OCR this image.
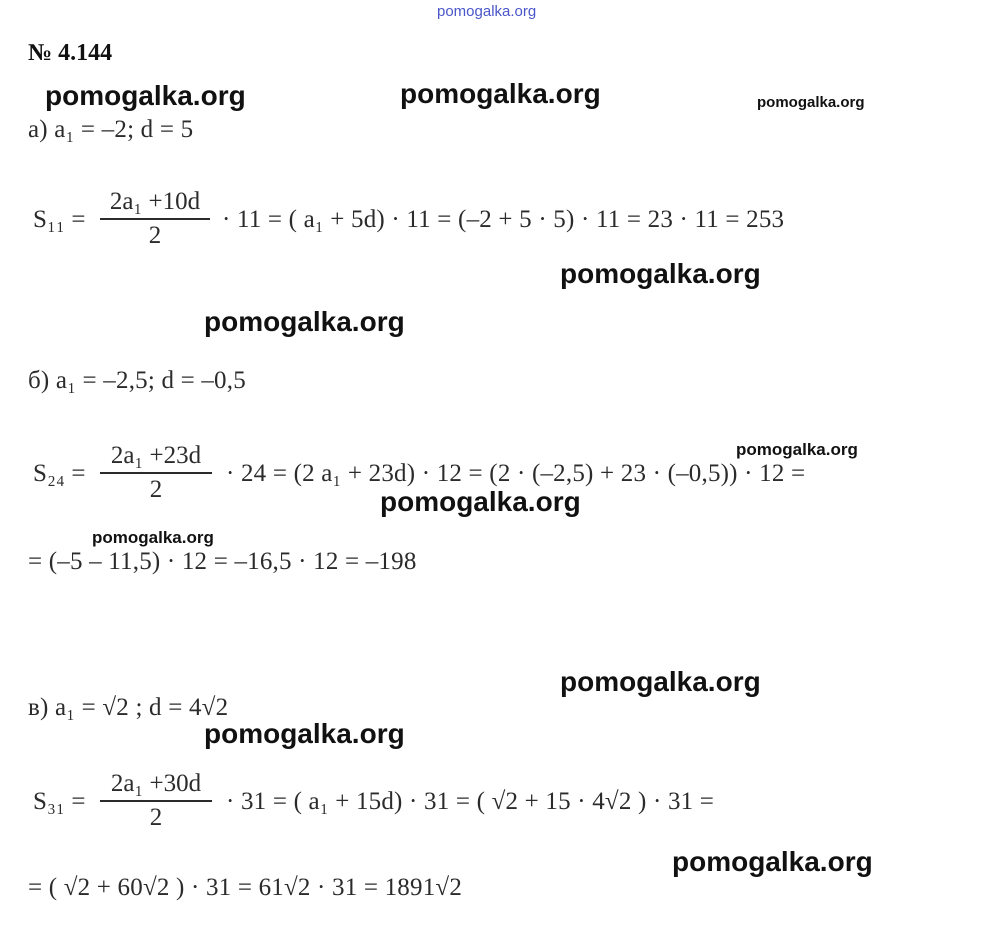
pomogalka.org
№ 4.144
pomogalka.org	pomogalka.org	pomogalka.org
pomogalka.org
pomogalka.org
pomogalka.org
pomogalka.org
pomogalka.org
pomogalka.org
pomogalka.org
pomogalka.org
а) a₁ = –2; d = 5
S₁₁ =
2a₁ +10d
2
· 11 = ( a₁ + 5d) · 11 = (–2 + 5 · 5) · 11 = 23 · 11 = 253
б) a₁ = –2,5; d = –0,5
S₂₄ =
2a₁ +23d
2
· 24 = (2 a₁ + 23d) · 12 = (2 · (–2,5) + 23 · (–0,5)) · 12 =
= (–5 – 11,5) · 12 = –16,5 · 12 = –198
в) a₁ = √2 ; d = 4√2
S₃₁ =
2a₁ +30d
2
· 31 = ( a₁ + 15d) · 31 = ( √2 + 15 · 4√2 ) · 31 =
= ( √2 + 60√2 ) · 31 = 61√2 · 31 = 1891√2
